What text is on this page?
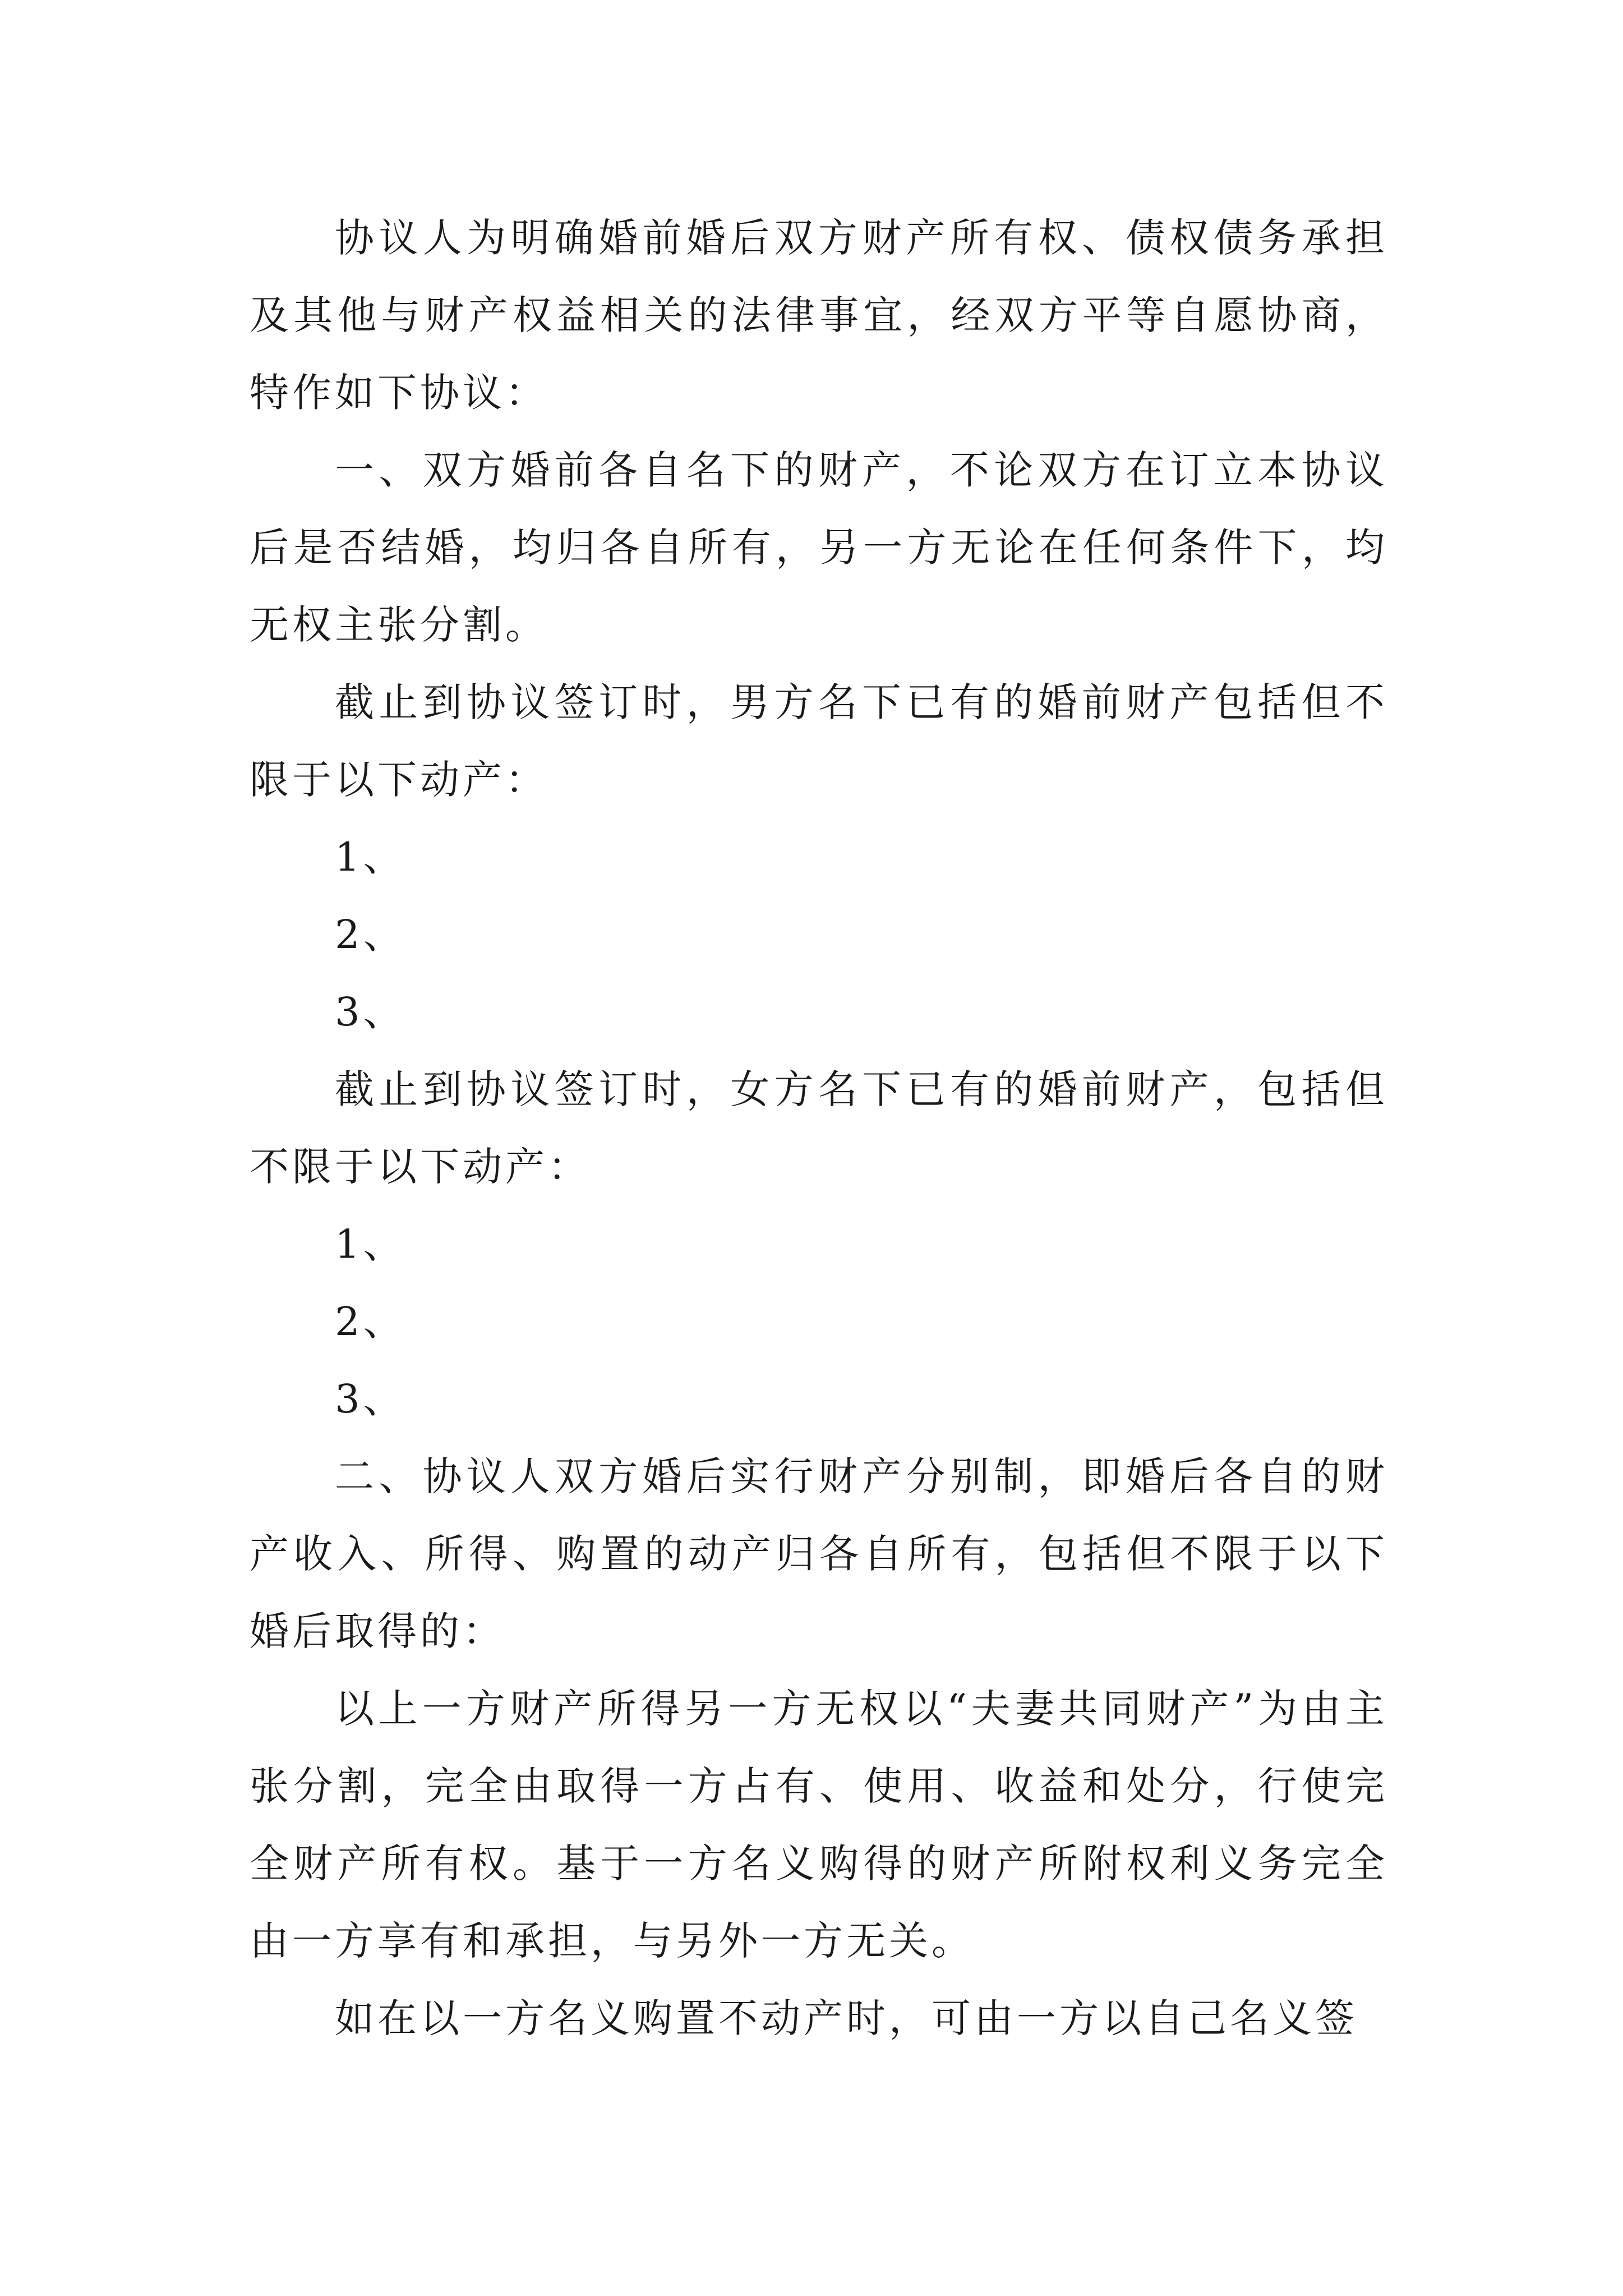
协议人为明确婚前婚后双方财产所有权、债权债务承担及其他与财产权益相关的法律事宜，经双方平等自愿协商，特作如下协议：

一、双方婚前各自名下的财产，不论双方在订立本协议后是否结婚，均归各自所有，另一方无论在任何条件下，均无权主张分割。

截止到协议签订时，男方名下已有的婚前财产包括但不限于以下动产：

1、

2、

3、

截止到协议签订时，女方名下已有的婚前财产，包括但不限于以下动产：

1、

2、

3、

二、协议人双方婚后实行财产分别制，即婚后各自的财产收入、所得、购置的动产归各自所有，包括但不限于以下婚后取得的：

以上一方财产所得另一方无权以“夫妻共同财产”为由主张分割，完全由取得一方占有、使用、收益和处分，行使完全财产所有权。基于一方名义购得的财产所附权利义务完全由一方享有和承担，与另外一方无关。

如在以一方名义购置不动产时，可由一方以自己名义签
